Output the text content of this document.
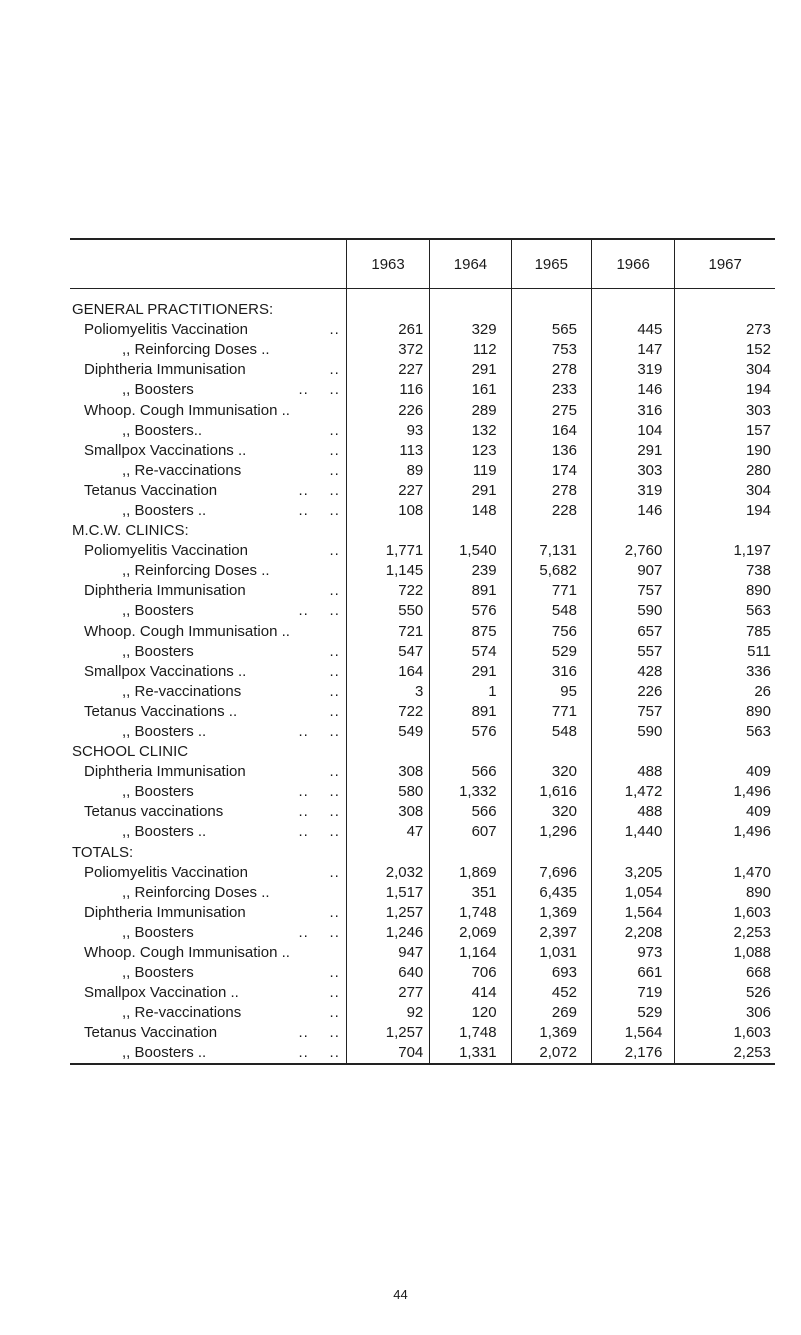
	1963	1964	1965	1966	1967

GENERAL PRACTITIONERS:					
Poliomyelitis Vaccination ..	261	329	565	445	273
,, Reinforcing Doses ..	372	112	753	147	152
Diphtheria Immunisation ..	227	291	278	319	304
,, Boosters ..    ..	116	161	233	146	194
Whoop. Cough Immunisation ..	226	289	275	316	303
,, Boosters.. ..	93	132	164	104	157
Smallpox Vaccinations .. ..	113	123	136	291	190
,, Re-vaccinations ..	89	119	174	303	280
Tetanus Vaccination ..    ..	227	291	278	319	304
,, Boosters .. ..    ..	108	148	228	146	194
M.C.W. CLINICS:					
Poliomyelitis Vaccination ..	1,771	1,540	7,131	2,760	1,197
,, Reinforcing Doses ..	1,145	239	5,682	907	738
Diphtheria Immunisation ..	722	891	771	757	890
,, Boosters ..    ..	550	576	548	590	563
Whoop. Cough Immunisation ..	721	875	756	657	785
,, Boosters ..	547	574	529	557	511
Smallpox Vaccinations .. ..	164	291	316	428	336
,, Re-vaccinations ..	3	1	95	226	26
Tetanus Vaccinations .. ..	722	891	771	757	890
,, Boosters .. ..    ..	549	576	548	590	563
SCHOOL CLINIC					
Diphtheria Immunisation ..	308	566	320	488	409
,, Boosters ..    ..	580	1,332	1,616	1,472	1,496
Tetanus vaccinations ..    ..	308	566	320	488	409
,, Boosters .. ..    ..	47	607	1,296	1,440	1,496
TOTALS:					
Poliomyelitis Vaccination ..	2,032	1,869	7,696	3,205	1,470
,, Reinforcing Doses ..	1,517	351	6,435	1,054	890
Diphtheria Immunisation ..	1,257	1,748	1,369	1,564	1,603
,, Boosters ..    ..	1,246	2,069	2,397	2,208	2,253
Whoop. Cough Immunisation ..	947	1,164	1,031	973	1,088
,, Boosters ..	640	706	693	661	668
Smallpox Vaccination .. ..	277	414	452	719	526
,, Re-vaccinations ..	92	120	269	529	306
Tetanus Vaccination ..    ..	1,257	1,748	1,369	1,564	1,603
,, Boosters .. ..    ..	704	1,331	2,072	2,176	2,253
44
